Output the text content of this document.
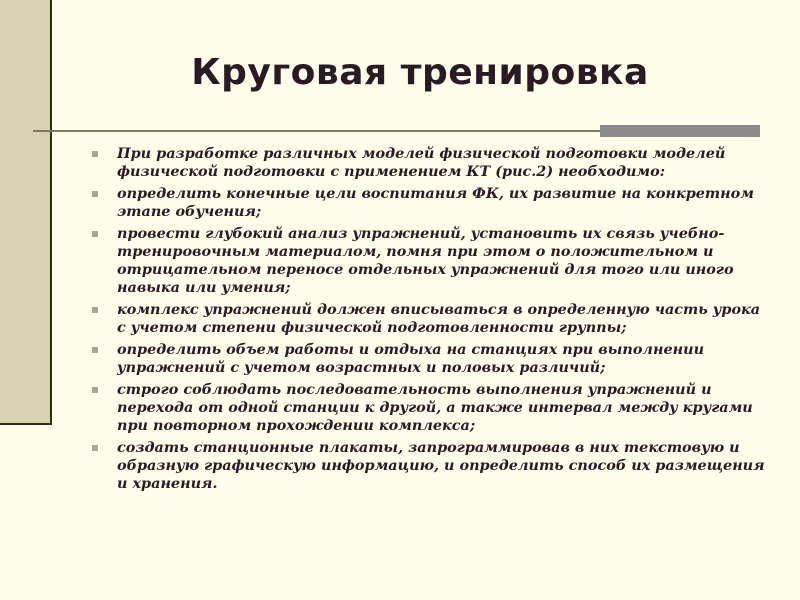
Круговая тренировка
При разработке различных моделей физической подготовки моделей физической подготовки с применением КТ (рис.2) необходимо:
определить конечные цели воспитания ФК, их развитие на конкретном этапе обучения;
провести глубокий анализ упражнений, установить их связь учебно-тренировочным материалом, помня при этом о положительном и отрицательном переносе отдельных упражнений для того или иного навыка или умения;
комплекс упражнений должен вписываться в определенную часть урока с учетом степени физической подготовленности группы;
определить объем работы и отдыха на станциях при выполнении упражнений с учетом возрастных и половых различий;
строго соблюдать последовательность выполнения упражнений и перехода от одной станции к другой, а также интервал между кругами при повторном прохождении комплекса;
создать станционные плакаты, запрограммировав в них текстовую и образную графическую информацию, и определить способ их размещения и хранения.
